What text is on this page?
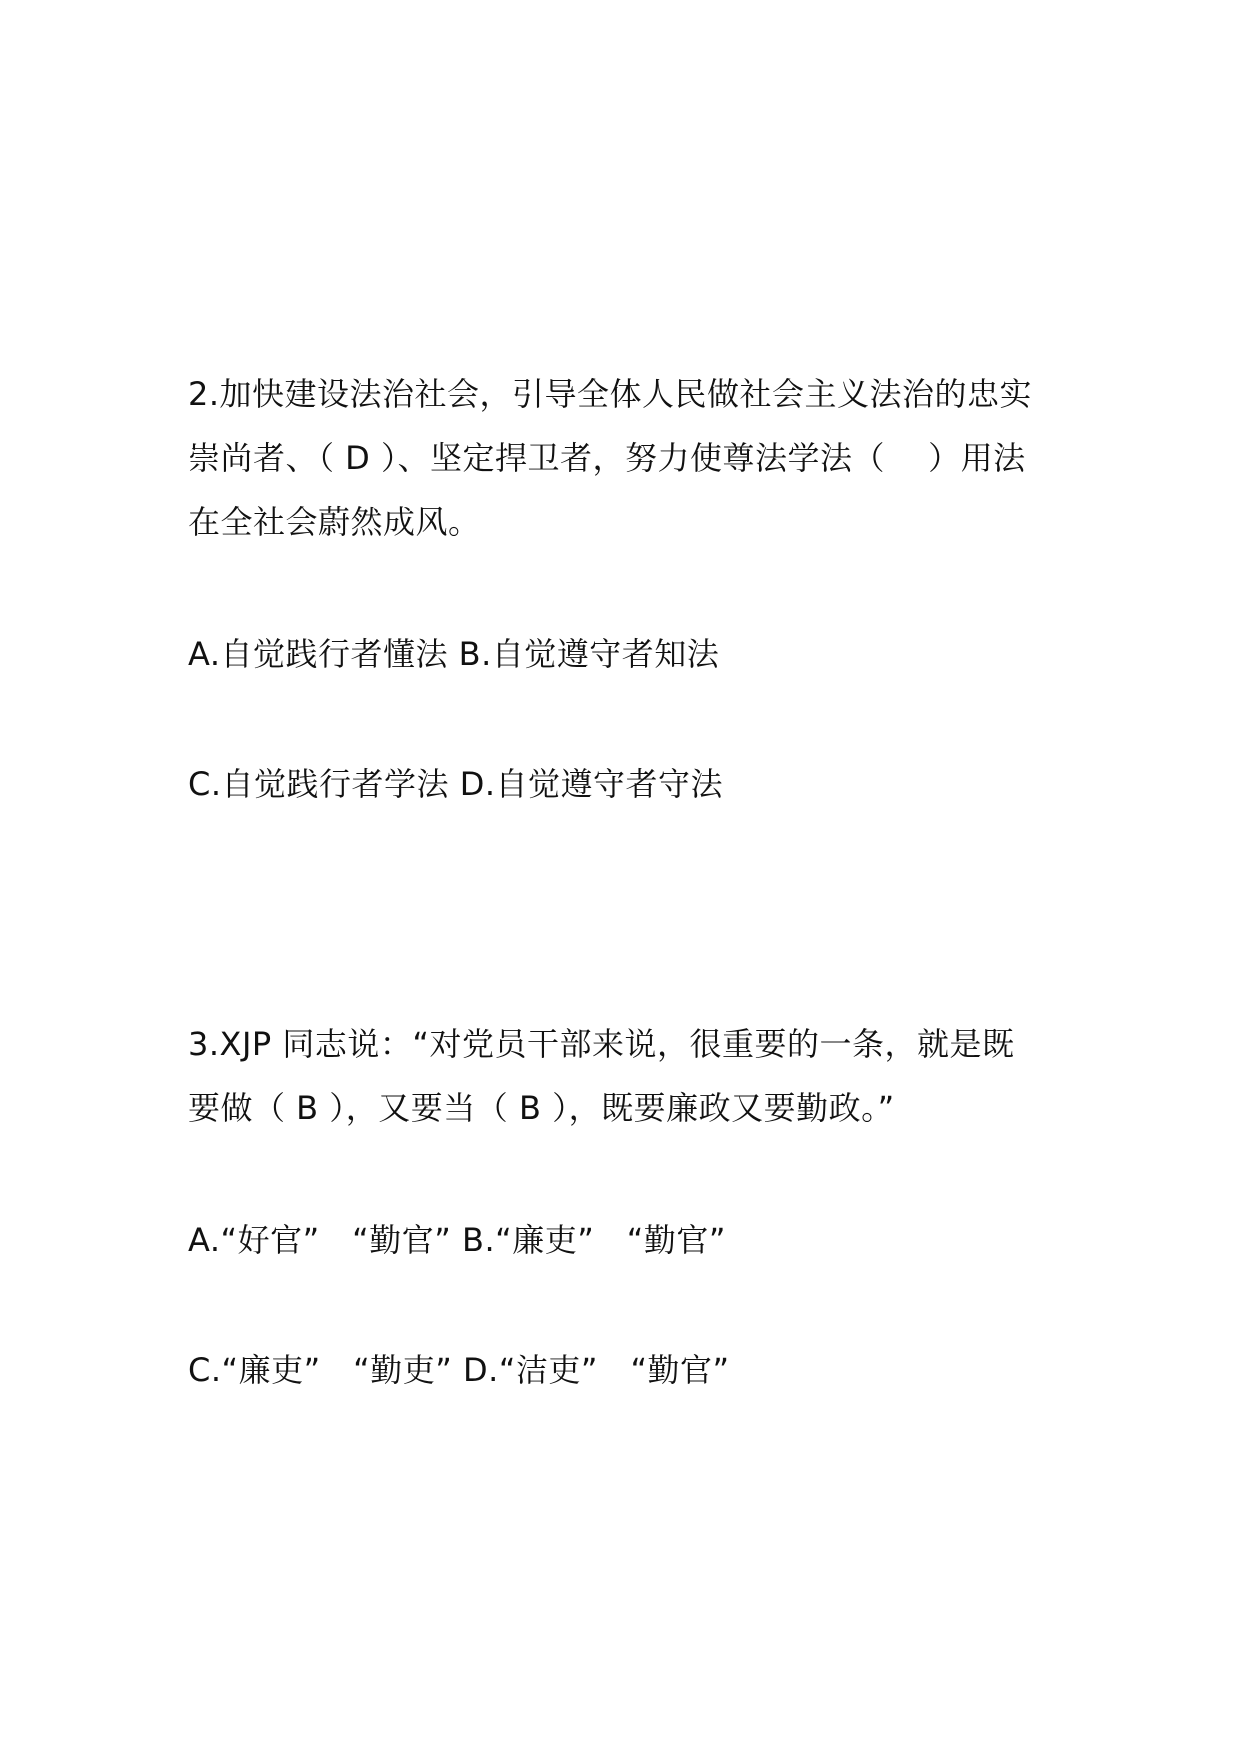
2.加快建设法治社会，引导全体人民做社会主义法治的忠实
崇尚者、（ D ）、坚定捍卫者，努力使尊法学法（　 ）用法
在全社会蔚然成风。
A.自觉践行者懂法 B.自觉遵守者知法
C.自觉践行者学法 D.自觉遵守者守法
3.XJP 同志说：“对党员干部来说，很重要的一条，就是既
要做（ B ），又要当（ B ），既要廉政又要勤政。”
A.“好官”　“勤官” B.“廉吏”　“勤官”
C.“廉吏”　“勤吏” D.“洁吏”　“勤官”
